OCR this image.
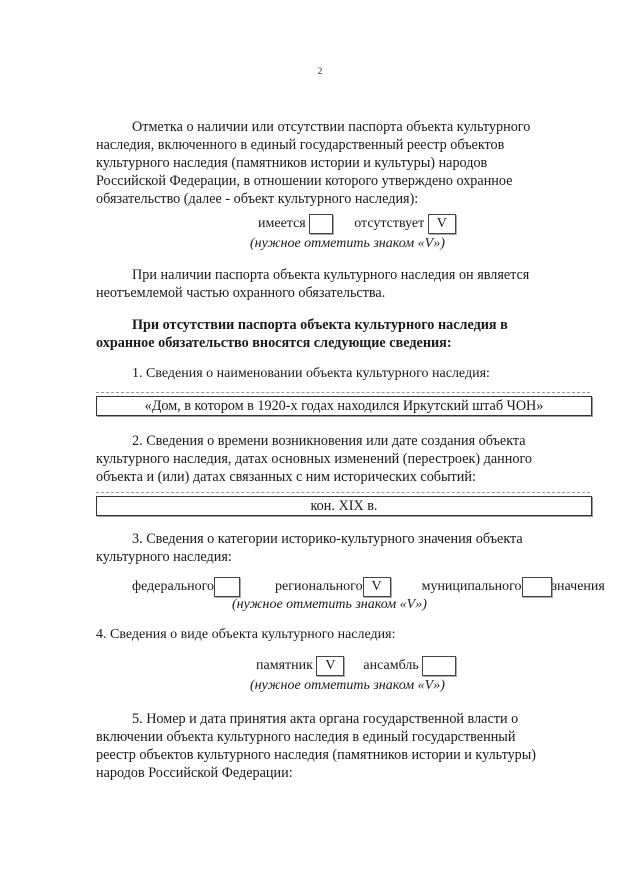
2
Отметка о наличии или отсутствии паспорта объекта культурного
наследия, включенного в единый государственный реестр объектов
культурного наследия (памятников истории и культуры) народов
Российской Федерации, в отношении которого утверждено охранное
обязательство (далее - объект культурного наследия):
имеется	отсутствует V
(нужное отметить знаком «V»)
При наличии паспорта объекта культурного наследия он является
неотъемлемой частью охранного обязательства.
При отсутствии паспорта объекта культурного наследия в
охранное обязательство вносятся следующие сведения:
1. Сведения о наименовании объекта культурного наследия:
«Дом, в котором в 1920-х годах находился Иркутский штаб ЧОН»
2. Сведения о времени возникновения или дате создания объекта
культурного наследия, датах основных изменений (перестроек) данного
объекта и (или) датах связанных с ним исторических событий:
кон. XIX в.
3. Сведения о категории историко-культурного значения объекта
культурного наследия:
федерального	регионального V	муниципального значения
(нужное отметить знаком «V»)
4. Сведения о виде объекта культурного наследия:
памятник V ансамбль
(нужное отметить знаком «V»)
5. Номер и дата принятия акта органа государственной власти о
включении объекта культурного наследия в единый государственный
реестр объектов культурного наследия (памятников истории и культуры)
народов Российской Федерации:
